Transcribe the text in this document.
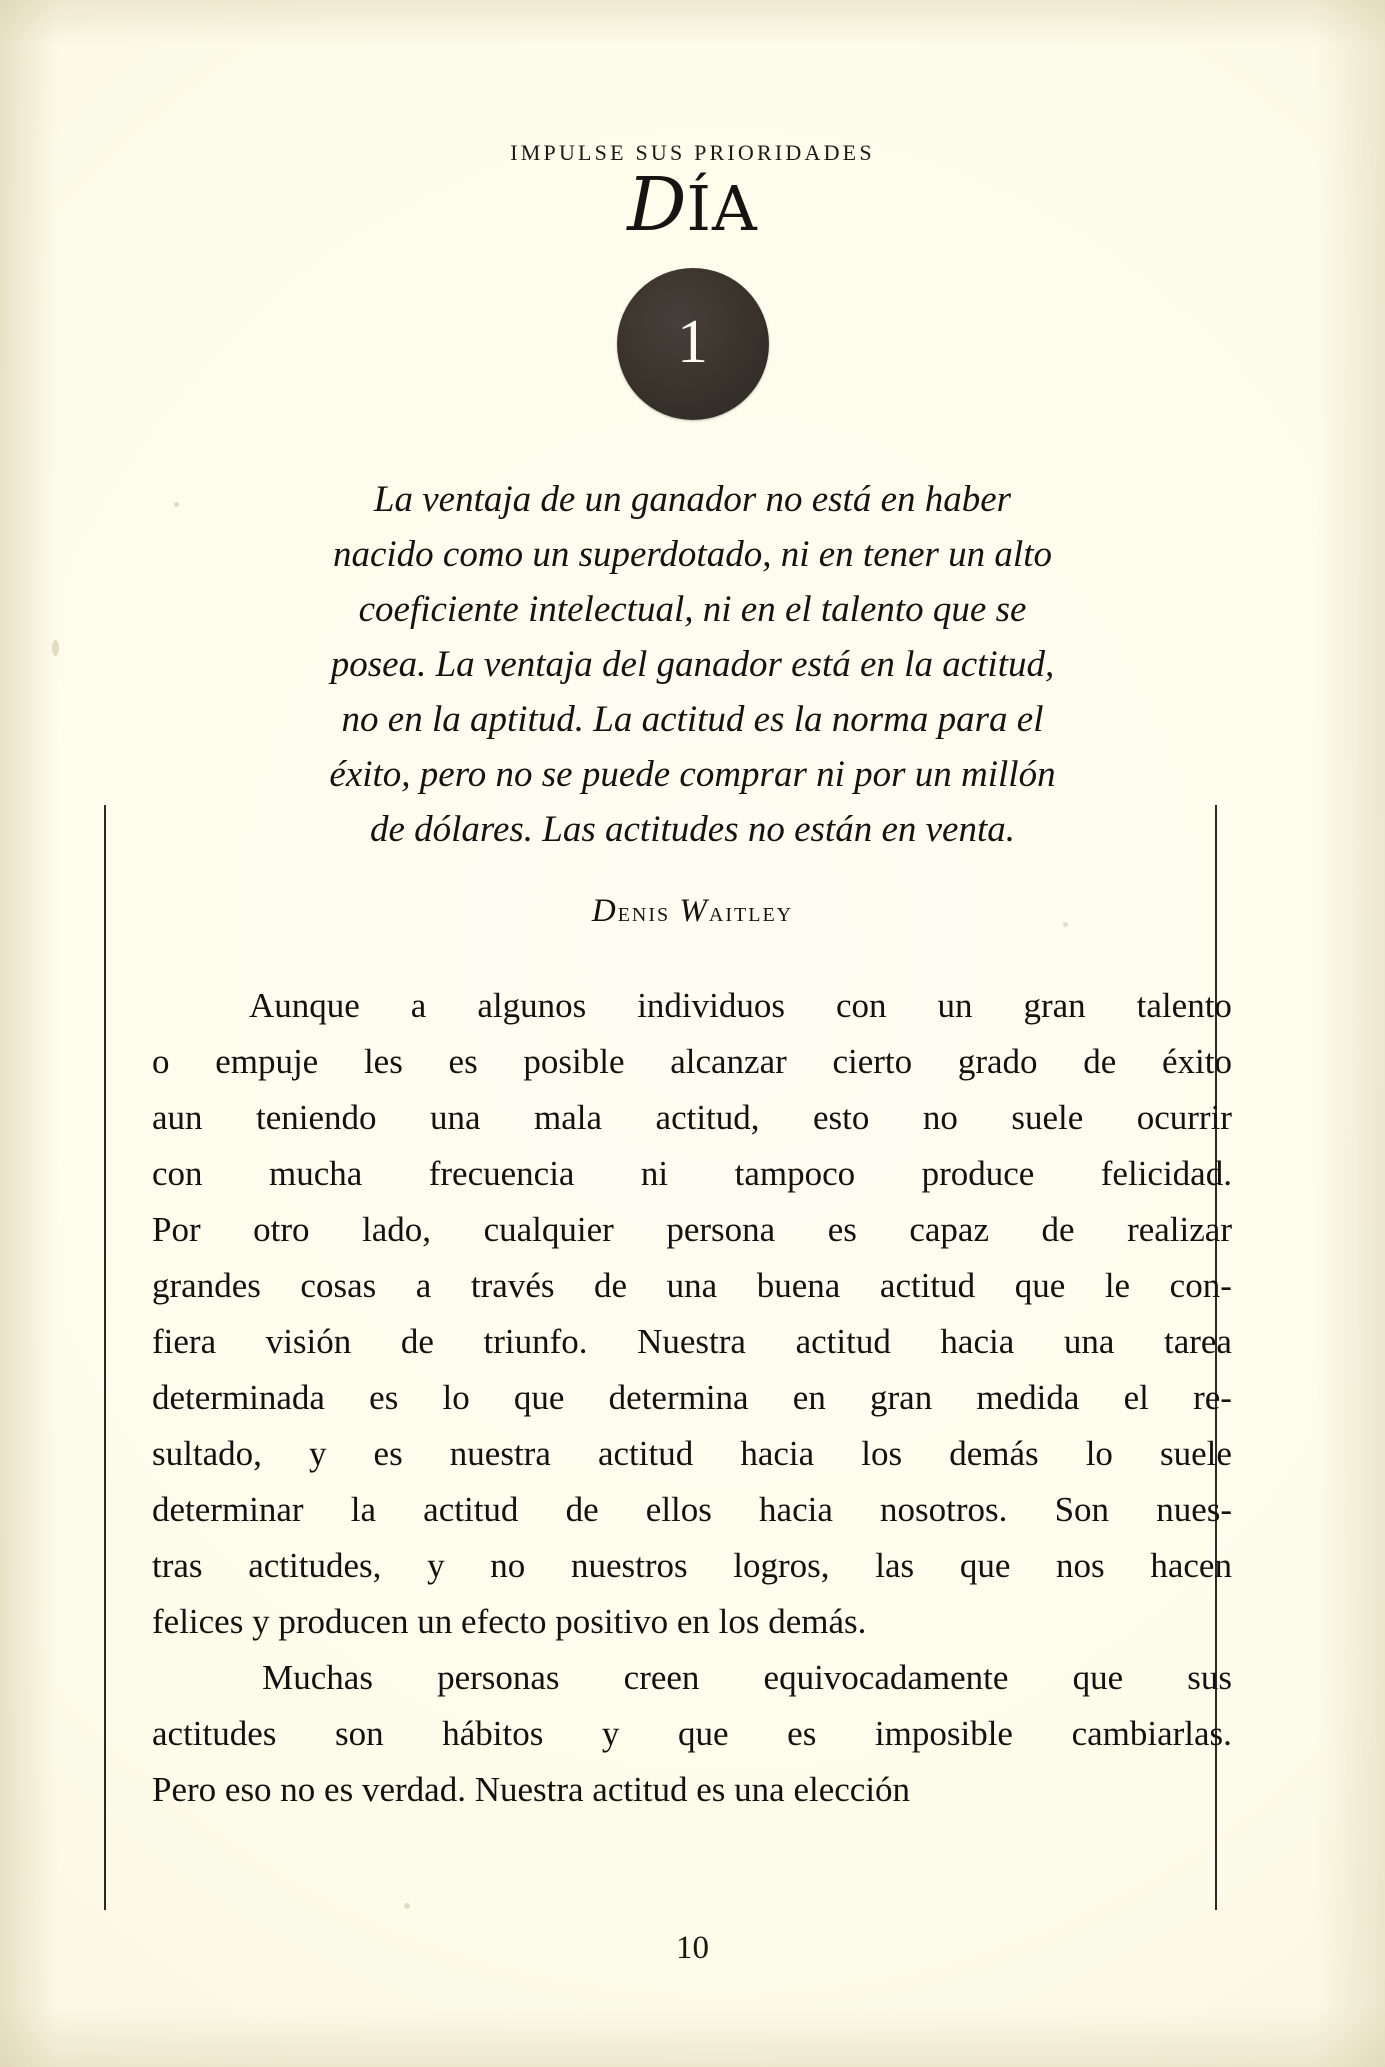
IMPULSE SUS PRIORIDADES
DÍA
1
La ventaja de un ganador no está en haber
nacido como un superdotado, ni en tener un alto
coeficiente intelectual, ni en el talento que se
posea. La ventaja del ganador está en la actitud,
no en la aptitud. La actitud es la norma para el
éxito, pero no se puede comprar ni por un millón
de dólares. Las actitudes no están en venta.
Denis Waitley
Aunque a algunos individuos con un gran talento
o empuje les es posible alcanzar cierto grado de éxito
aun teniendo una mala actitud, esto no suele ocurrir
con mucha frecuencia ni tampoco produce felicidad.
Por otro lado, cualquier persona es capaz de realizar
grandes cosas a través de una buena actitud que le con-
fiera visión de triunfo. Nuestra actitud hacia una tarea
determinada es lo que determina en gran medida el re-
sultado, y es nuestra actitud hacia los demás lo suele
determinar la actitud de ellos hacia nosotros. Son nues-
tras actitudes, y no nuestros logros, las que nos hacen
felices y producen un efecto positivo en los demás.
Muchas personas creen equivocadamente que sus
actitudes son hábitos y que es imposible cambiarlas.
Pero eso no es verdad. Nuestra actitud es una elección
10
